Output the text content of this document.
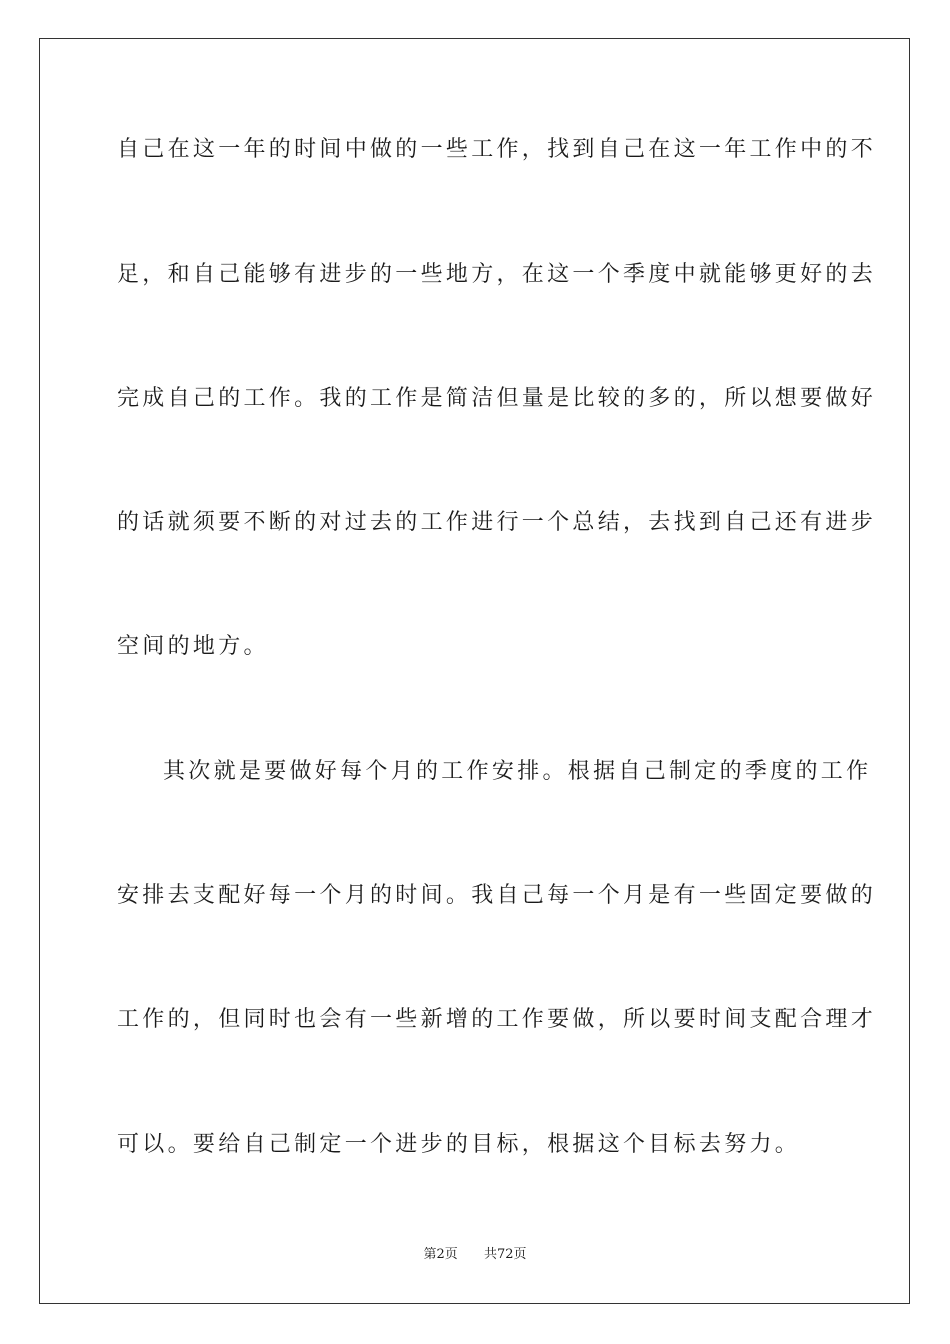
自己在这一年的时间中做的一些工作，找到自己在这一年工作中的不
足，和自己能够有进步的一些地方，在这一个季度中就能够更好的去
完成自己的工作。我的工作是简洁但量是比较的多的，所以想要做好
的话就须要不断的对过去的工作进行一个总结，去找到自己还有进步
空间的地方。
其次就是要做好每个月的工作安排。根据自己制定的季度的工作
安排去支配好每一个月的时间。我自己每一个月是有一些固定要做的
工作的，但同时也会有一些新增的工作要做，所以要时间支配合理才
可以。要给自己制定一个进步的目标，根据这个目标去努力。
第2页 共72页
